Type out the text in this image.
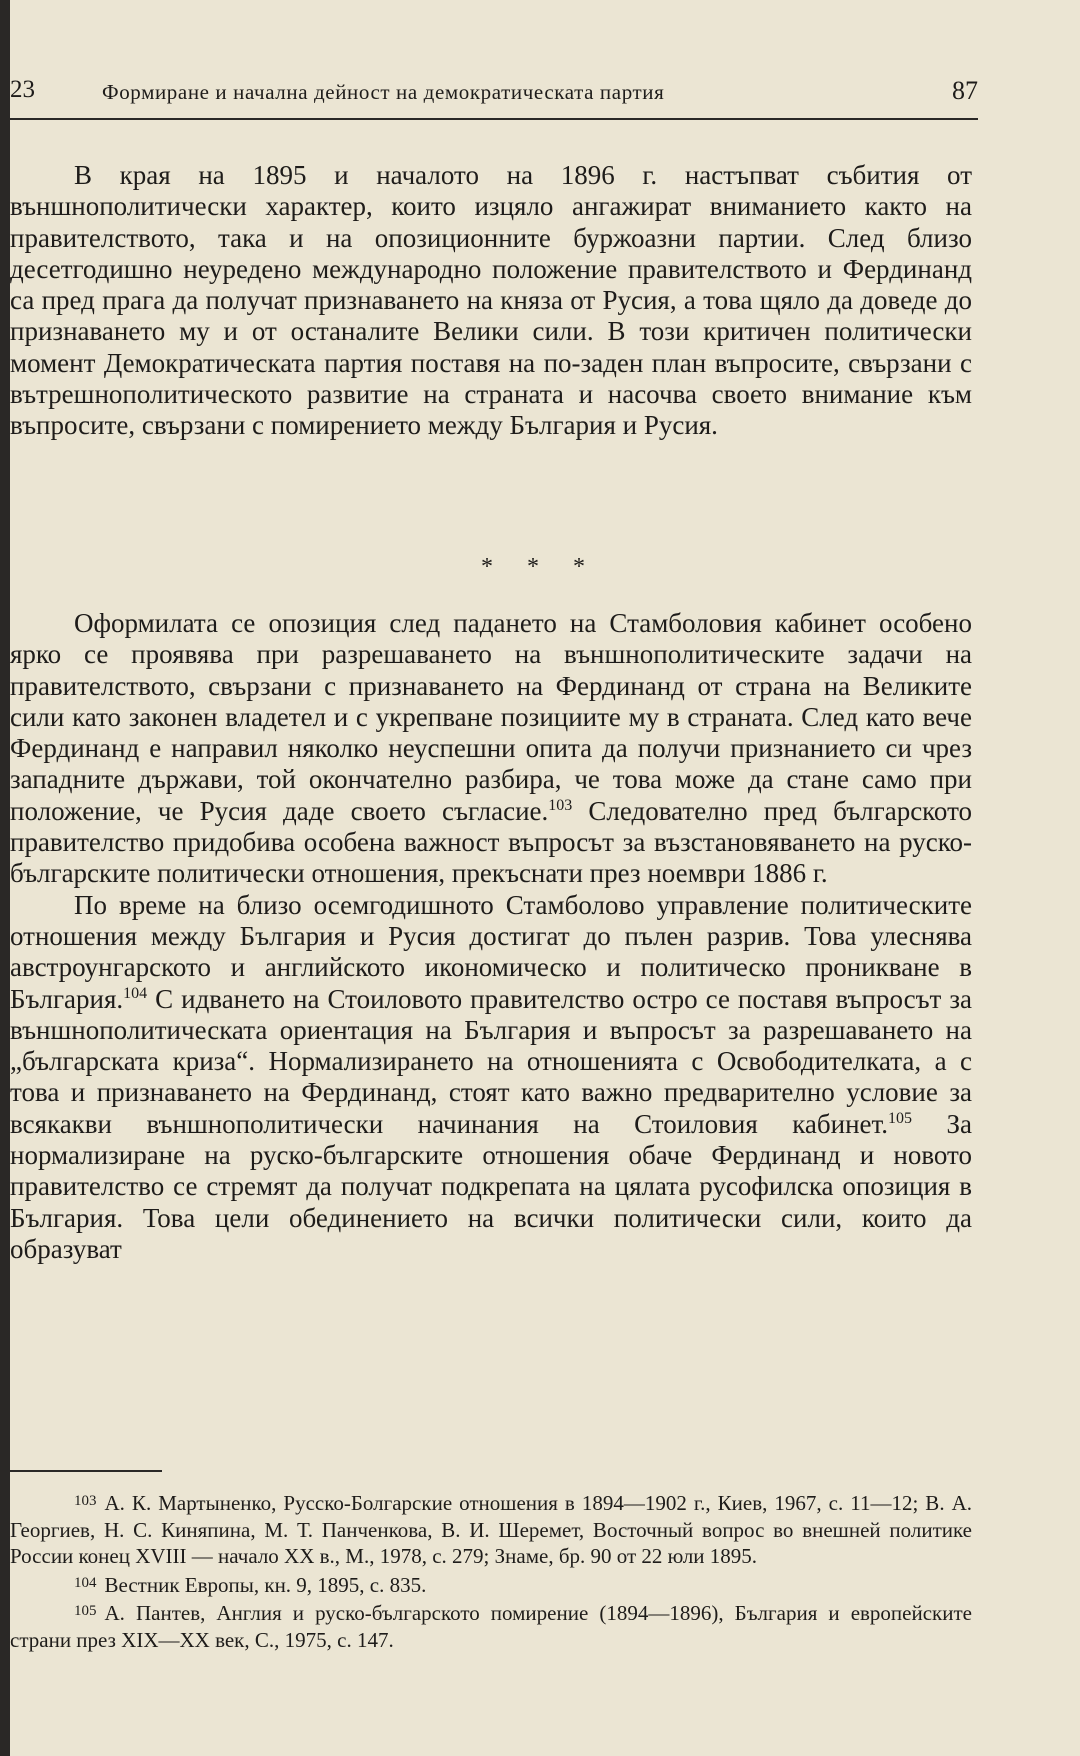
23	Формиране и начална дейност на демократическата партия	87

В края на 1895 и началото на 1896 г. настъпват събития от външнополитически характер, които изцяло ангажират вниманието както на правителството, така и на опозиционните буржоазни партии. След близо десетгодишно неуредено международно положение правителството и Фердинанд са пред прага да получат признаването на княза от Русия, а това щяло да доведе до признаването му и от останалите Велики сили. В този критичен политически момент Демократическата партия поставя на по-заден план въпросите, свързани с вътрешнополитическото развитие на страната и насочва своето внимание към въпросите, свързани с помирението между България и Русия.

* * *

Оформилата се опозиция след падането на Стамболовия кабинет особено ярко се проявява при разрешаването на външнополитическите задачи на правителството, свързани с признаването на Фердинанд от страна на Великите сили като законен владетел и с укрепване позициите му в страната. След като вече Фердинанд е направил няколко неуспешни опита да получи признанието си чрез западните държави, той окончателно разбира, че това може да стане само при положение, че Русия даде своето съгласие.$^{103}$ Следователно пред българското правителство придобива особена важност въпросът за възстановяването на руско-българските политически отношения, прекъснати през ноември 1886 г.

По време на близо осемгодишното Стамболово управление политическите отношения между България и Русия достигат до пълен разрив. Това улеснява австроунгарското и английското икономическо и политическо проникване в България.$^{104}$ С идването на Стоиловото правителство остро се поставя въпросът за външнополитическата ориентация на България и въпросът за разрешаването на „българската криза“. Нормализирането на отношенията с Освободителката, а с това и признаването на Фердинанд, стоят като важно предварително условие за всякакви външнополитически начинания на Стоиловия кабинет.$^{105}$ За нормализиране на руско-българските отношения обаче Фердинанд и новото правителство се стремят да получат подкрепата на цялата русофилска опозиция в България. Това цели обединението на всички политически сили, които да образуват

$^{103}$ А. К. Мартыненко, Русско-Болгарские отношения в 1894—1902 г., Киев, 1967, с. 11—12; В. А. Георгиев, Н. С. Киняпина, М. Т. Панченкова, В. И. Шеремет, Восточный вопрос во внешней политике России конец XVIII — начало XX в., М., 1978, с. 279; Знаме, бр. 90 от 22 юли 1895.

$^{104}$ Вестник Европы, кн. 9, 1895, с. 835.

$^{105}$ А. Пантев, Англия и руско-българското помирение (1894—1896), България и европейските страни през XIX—XX век, С., 1975, с. 147.
